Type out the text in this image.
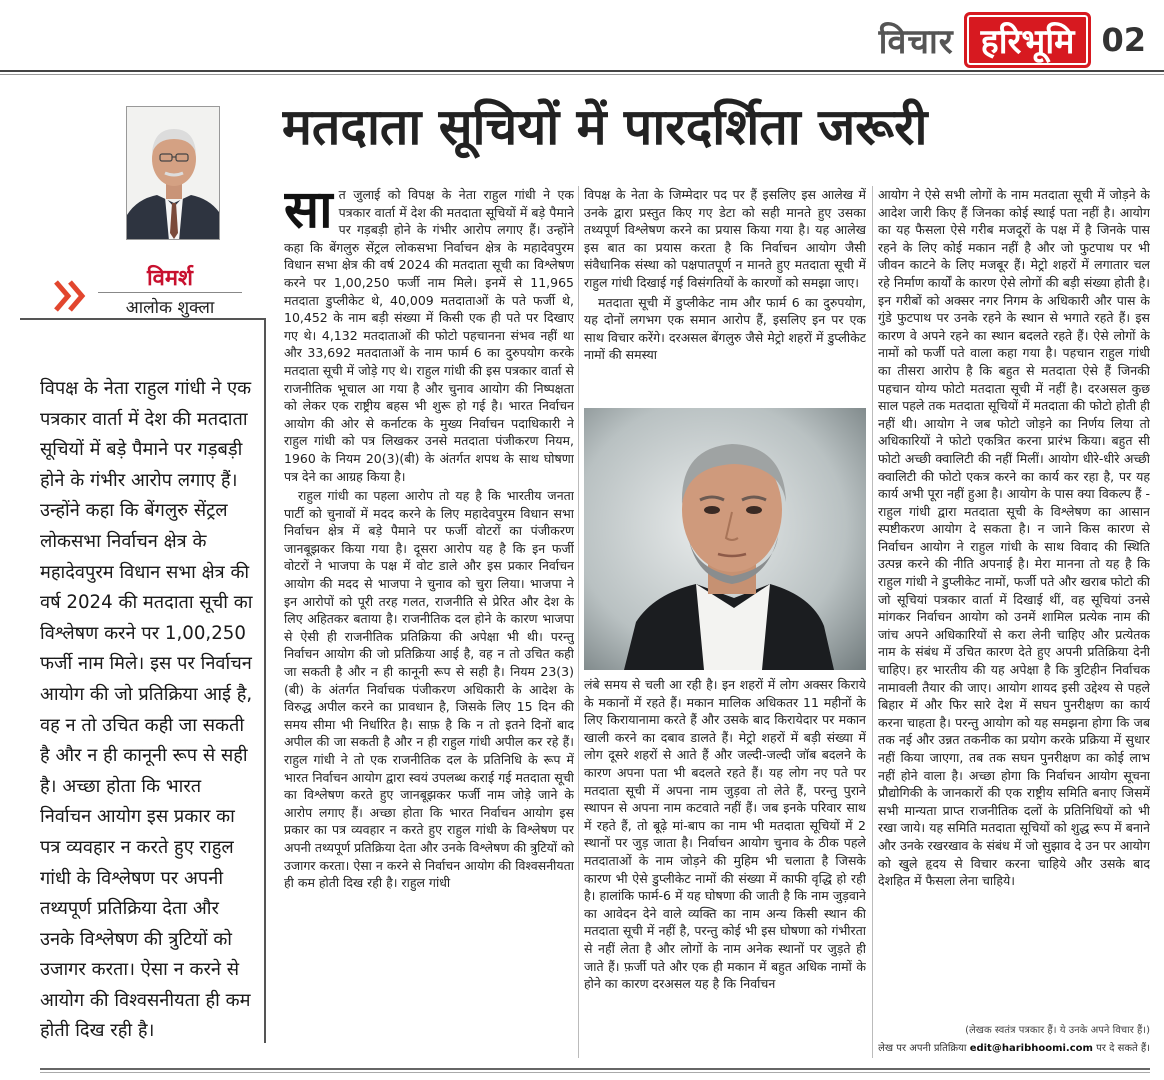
विचार हरिभूमि 02
मतदाता सूचियों में पारदर्शिता जरूरी
विमर्श
आलोक शुक्ला
विपक्ष के नेता राहुल गांधी ने एक पत्रकार वार्ता में देश की मतदाता सूचियों में बड़े पैमाने पर गड़बड़ी होने के गंभीर आरोप लगाए हैं। उन्होंने कहा कि बेंगलुरु सेंट्रल लोकसभा निर्वाचन क्षेत्र के महादेवपुरम विधान सभा क्षेत्र की वर्ष 2024 की मतदाता सूची का विश्लेषण करने पर 1,00,250 फर्जी नाम मिले। इस पर निर्वाचन आयोग की जो प्रतिक्रिया आई है, वह न तो उचित कही जा सकती है और न ही कानूनी रूप से सही है। अच्छा होता कि भारत निर्वाचन आयोग इस प्रकार का पत्र व्यवहार न करते हुए राहुल गांधी के विश्लेषण पर अपनी तथ्यपूर्ण प्रतिक्रिया देता और उनके विश्लेषण की त्रुटियों को उजागर करता। ऐसा न करने से आयोग की विश्वसनीयता ही कम होती दिख रही है।

सात जुलाई को विपक्ष के नेता राहुल गांधी ने एक पत्रकार वार्ता में देश की मतदाता सूचियों में बड़े पैमाने पर गड़बड़ी होने के गंभीर आरोप लगाए हैं। उन्होंने कहा कि बेंगलुरु सेंट्रल लोकसभा निर्वाचन क्षेत्र के महादेवपुरम विधान सभा क्षेत्र की वर्ष 2024 की मतदाता सूची का विश्लेषण करने पर 1,00,250 फर्जी नाम मिले। इनमें से 11,965 मतदाता डुप्लीकेट थे, 40,009 मतदाताओं के पते फर्जी थे, 10,452 के नाम बड़ी संख्या में किसी एक ही पते पर दिखाए गए थे। 4,132 मतदाताओं की फोटो पहचानना संभव नहीं था और 33,692 मतदाताओं के नाम फार्म 6 का दुरुपयोग करके मतदाता सूची में जोड़े गए थे। राहुल गांधी की इस पत्रकार वार्ता से राजनीतिक भूचाल आ गया है और चुनाव आयोग की निष्पक्षता को लेकर एक राष्ट्रीय बहस भी शुरू हो गई है। भारत निर्वाचन आयोग की ओर से कर्नाटक के मुख्य निर्वाचन पदाधिकारी ने राहुल गांधी को पत्र लिखकर उनसे मतदाता पंजीकरण नियम, 1960 के नियम 20(3)(बी) के अंतर्गत शपथ के साथ घोषणा पत्र देने का आग्रह किया है।

राहुल गांधी का पहला आरोप तो यह है कि भारतीय जनता पार्टी को चुनावों में मदद करने के लिए महादेवपुरम विधान सभा निर्वाचन क्षेत्र में बड़े पैमाने पर फर्जी वोटरों का पंजीकरण जानबूझकर किया गया है। दूसरा आरोप यह है कि इन फर्जी वोटरों ने भाजपा के पक्ष में वोट डाले और इस प्रकार निर्वाचन आयोग की मदद से भाजपा ने चुनाव को चुरा लिया। भाजपा ने इन आरोपों को पूरी तरह गलत, राजनीति से प्रेरित और देश के लिए अहितकर बताया है। राजनीतिक दल होने के कारण भाजपा से ऐसी ही राजनीतिक प्रतिक्रिया की अपेक्षा भी थी। परन्तु निर्वाचन आयोग की जो प्रतिक्रिया आई है, वह न तो उचित कही जा सकती है और न ही कानूनी रूप से सही है। नियम 23(3)(बी) के अंतर्गत निर्वाचक पंजीकरण अधिकारी के आदेश के विरुद्ध अपील करने का प्रावधान है, जिसके लिए 15 दिन की समय सीमा भी निर्धारित है। साफ़ है कि न तो इतने दिनों बाद अपील की जा सकती है और न ही राहुल गांधी अपील कर रहे हैं। राहुल गांधी ने तो एक राजनीतिक दल के प्रतिनिधि के रूप में भारत निर्वाचन आयोग द्वारा स्वयं उपलब्ध कराई गई मतदाता सूची का विश्लेषण करते हुए जानबूझकर फर्जी नाम जोड़े जाने के आरोप लगाए हैं। अच्छा होता कि भारत निर्वाचन आयोग इस प्रकार का पत्र व्यवहार न करते हुए राहुल गांधी के विश्लेषण पर अपनी तथ्यपूर्ण प्रतिक्रिया देता और उनके विश्लेषण की त्रुटियों को उजागर करता। ऐसा न करने से निर्वाचन आयोग की विश्वसनीयता ही कम होती दिख रही है। राहुल गांधी

विपक्ष के नेता के जिम्मेदार पद पर हैं इसलिए इस आलेख में उनके द्वारा प्रस्तुत किए गए डेटा को सही मानते हुए उसका तथ्यपूर्ण विश्लेषण करने का प्रयास किया गया है। यह आलेख इस बात का प्रयास करता है कि निर्वाचन आयोग जैसी संवैधानिक संस्था को पक्षपातपूर्ण न मानते हुए मतदाता सूची में राहुल गांधी दिखाई गई विसंगतियों के कारणों को समझा जाए।

मतदाता सूची में डुप्लीकेट नाम और फार्म 6 का दुरुपयोग, यह दोनों लगभग एक समान आरोप हैं, इसलिए इन पर एक साथ विचार करेंगे। दरअसल बेंगलुरु जैसे मेट्रो शहरों में डुप्लीकेट नामों की समस्या

लंबे समय से चली आ रही है। इन शहरों में लोग अक्सर किराये के मकानों में रहते हैं। मकान मालिक अधिकतर 11 महीनों के लिए किरायानामा करते हैं और उसके बाद किरायेदार पर मकान खाली करने का दबाव डालते हैं। मेट्रो शहरों में बड़ी संख्या में लोग दूसरे शहरों से आते हैं और जल्दी-जल्दी जॉब बदलने के कारण अपना पता भी बदलते रहते हैं। यह लोग नए पते पर मतदाता सूची में अपना नाम जुड़वा तो लेते हैं, परन्तु पुराने स्थापन से अपना नाम कटवाते नहीं हैं। जब इनके परिवार साथ में रहते हैं, तो बूढ़े मां-बाप का नाम भी मतदाता सूचियों में 2 स्थानों पर जुड़ जाता है। निर्वाचन आयोग चुनाव के ठीक पहले मतदाताओं के नाम जोड़ने की मुहिम भी चलाता है जिसके कारण भी ऐसे डुप्लीकेट नामों की संख्या में काफी वृद्धि हो रही है। हालांकि फार्म-6 में यह घोषणा की जाती है कि नाम जुड़वाने का आवेदन देने वाले व्यक्ति का नाम अन्य किसी स्थान की मतदाता सूची में नहीं है, परन्तु कोई भी इस घोषणा को गंभीरता से नहीं लेता है और लोगों के नाम अनेक स्थानों पर जुड़ते ही जाते हैं। फ़र्जी पते और एक ही मकान में बहुत अधिक नामों के होने का कारण दरअसल यह है कि निर्वाचन

आयोग ने ऐसे सभी लोगों के नाम मतदाता सूची में जोड़ने के आदेश जारी किए हैं जिनका कोई स्थाई पता नहीं है। आयोग का यह फैसला ऐसे गरीब मजदूरों के पक्ष में है जिनके पास रहने के लिए कोई मकान नहीं है और जो फुटपाथ पर भी जीवन काटने के लिए मजबूर हैं। मेट्रो शहरों में लगातार चल रहे निर्माण कार्यों के कारण ऐसे लोगों की बड़ी संख्या होती है। इन गरीबों को अक्सर नगर निगम के अधिकारी और पास के गुंडे फुटपाथ पर उनके रहने के स्थान से भगाते रहते हैं। इस कारण वे अपने रहने का स्थान बदलते रहते हैं। ऐसे लोगों के नामों को फर्जी पते वाला कहा गया है। पहचान राहुल गांधी का तीसरा आरोप है कि बहुत से मतदाता ऐसे हैं जिनकी पहचान योग्य फोटो मतदाता सूची में नहीं है। दरअसल कुछ साल पहले तक मतदाता सूचियों में मतदाता की फोटो होती ही नहीं थी। आयोग ने जब फोटो जोड़ने का निर्णय लिया तो अधिकारियों ने फोटो एकत्रित करना प्रारंभ किया। बहुत सी फोटो अच्छी क्वालिटी की नहीं मिलीं। आयोग धीरे-धीरे अच्छी क्वालिटी की फोटो एकत्र करने का कार्य कर रहा है, पर यह कार्य अभी पूरा नहीं हुआ है। आयोग के पास क्या विकल्प हैं - राहुल गांधी द्वारा मतदाता सूची के विश्लेषण का आसान स्पष्टीकरण आयोग दे सकता है। न जाने किस कारण से निर्वाचन आयोग ने राहुल गांधी के साथ विवाद की स्थिति उत्पन्न करने की नीति अपनाई है। मेरा मानना तो यह है कि राहुल गांधी ने डुप्लीकेट नामों, फर्जी पते और खराब फोटो की जो सूचियां पत्रकार वार्ता में दिखाई थीं, वह सूचियां उनसे मांगकर निर्वाचन आयोग को उनमें शामिल प्रत्येक नाम की जांच अपने अधिकारियों से करा लेनी चाहिए और प्रत्येतक नाम के संबंध में उचित कारण देते हुए अपनी प्रतिक्रिया देनी चाहिए। हर भारतीय की यह अपेक्षा है कि त्रुटिहीन निर्वाचक नामावली तैयार की जाए। आयोग शायद इसी उद्देश्य से पहले बिहार में और फिर सारे देश में सघन पुनरीक्षण का कार्य करना चाहता है। परन्तु आयोग को यह समझना होगा कि जब तक नई और उन्नत तकनीक का प्रयोग करके प्रक्रिया में सुधार नहीं किया जाएगा, तब तक सघन पुनरीक्षण का कोई लाभ नहीं होने वाला है। अच्छा होगा कि निर्वाचन आयोग सूचना प्रौद्योगिकी के जानकारों की एक राष्ट्रीय समिति बनाए जिसमें सभी मान्यता प्राप्त राजनीतिक दलों के प्रतिनिधियों को भी रखा जाये। यह समिति मतदाता सूचियों को शुद्ध रूप में बनाने और उनके रखरखाव के संबंध में जो सुझाव दे उन पर आयोग को खुले हृदय से विचार करना चाहिये और उसके बाद देशहित में फैसला लेना चाहिये।

(लेखक स्वतंत्र पत्रकार हैं। ये उनके अपने विचार हैं।)
लेख पर अपनी प्रतिक्रिया edit@haribhoomi.com पर दे सकते हैं।
